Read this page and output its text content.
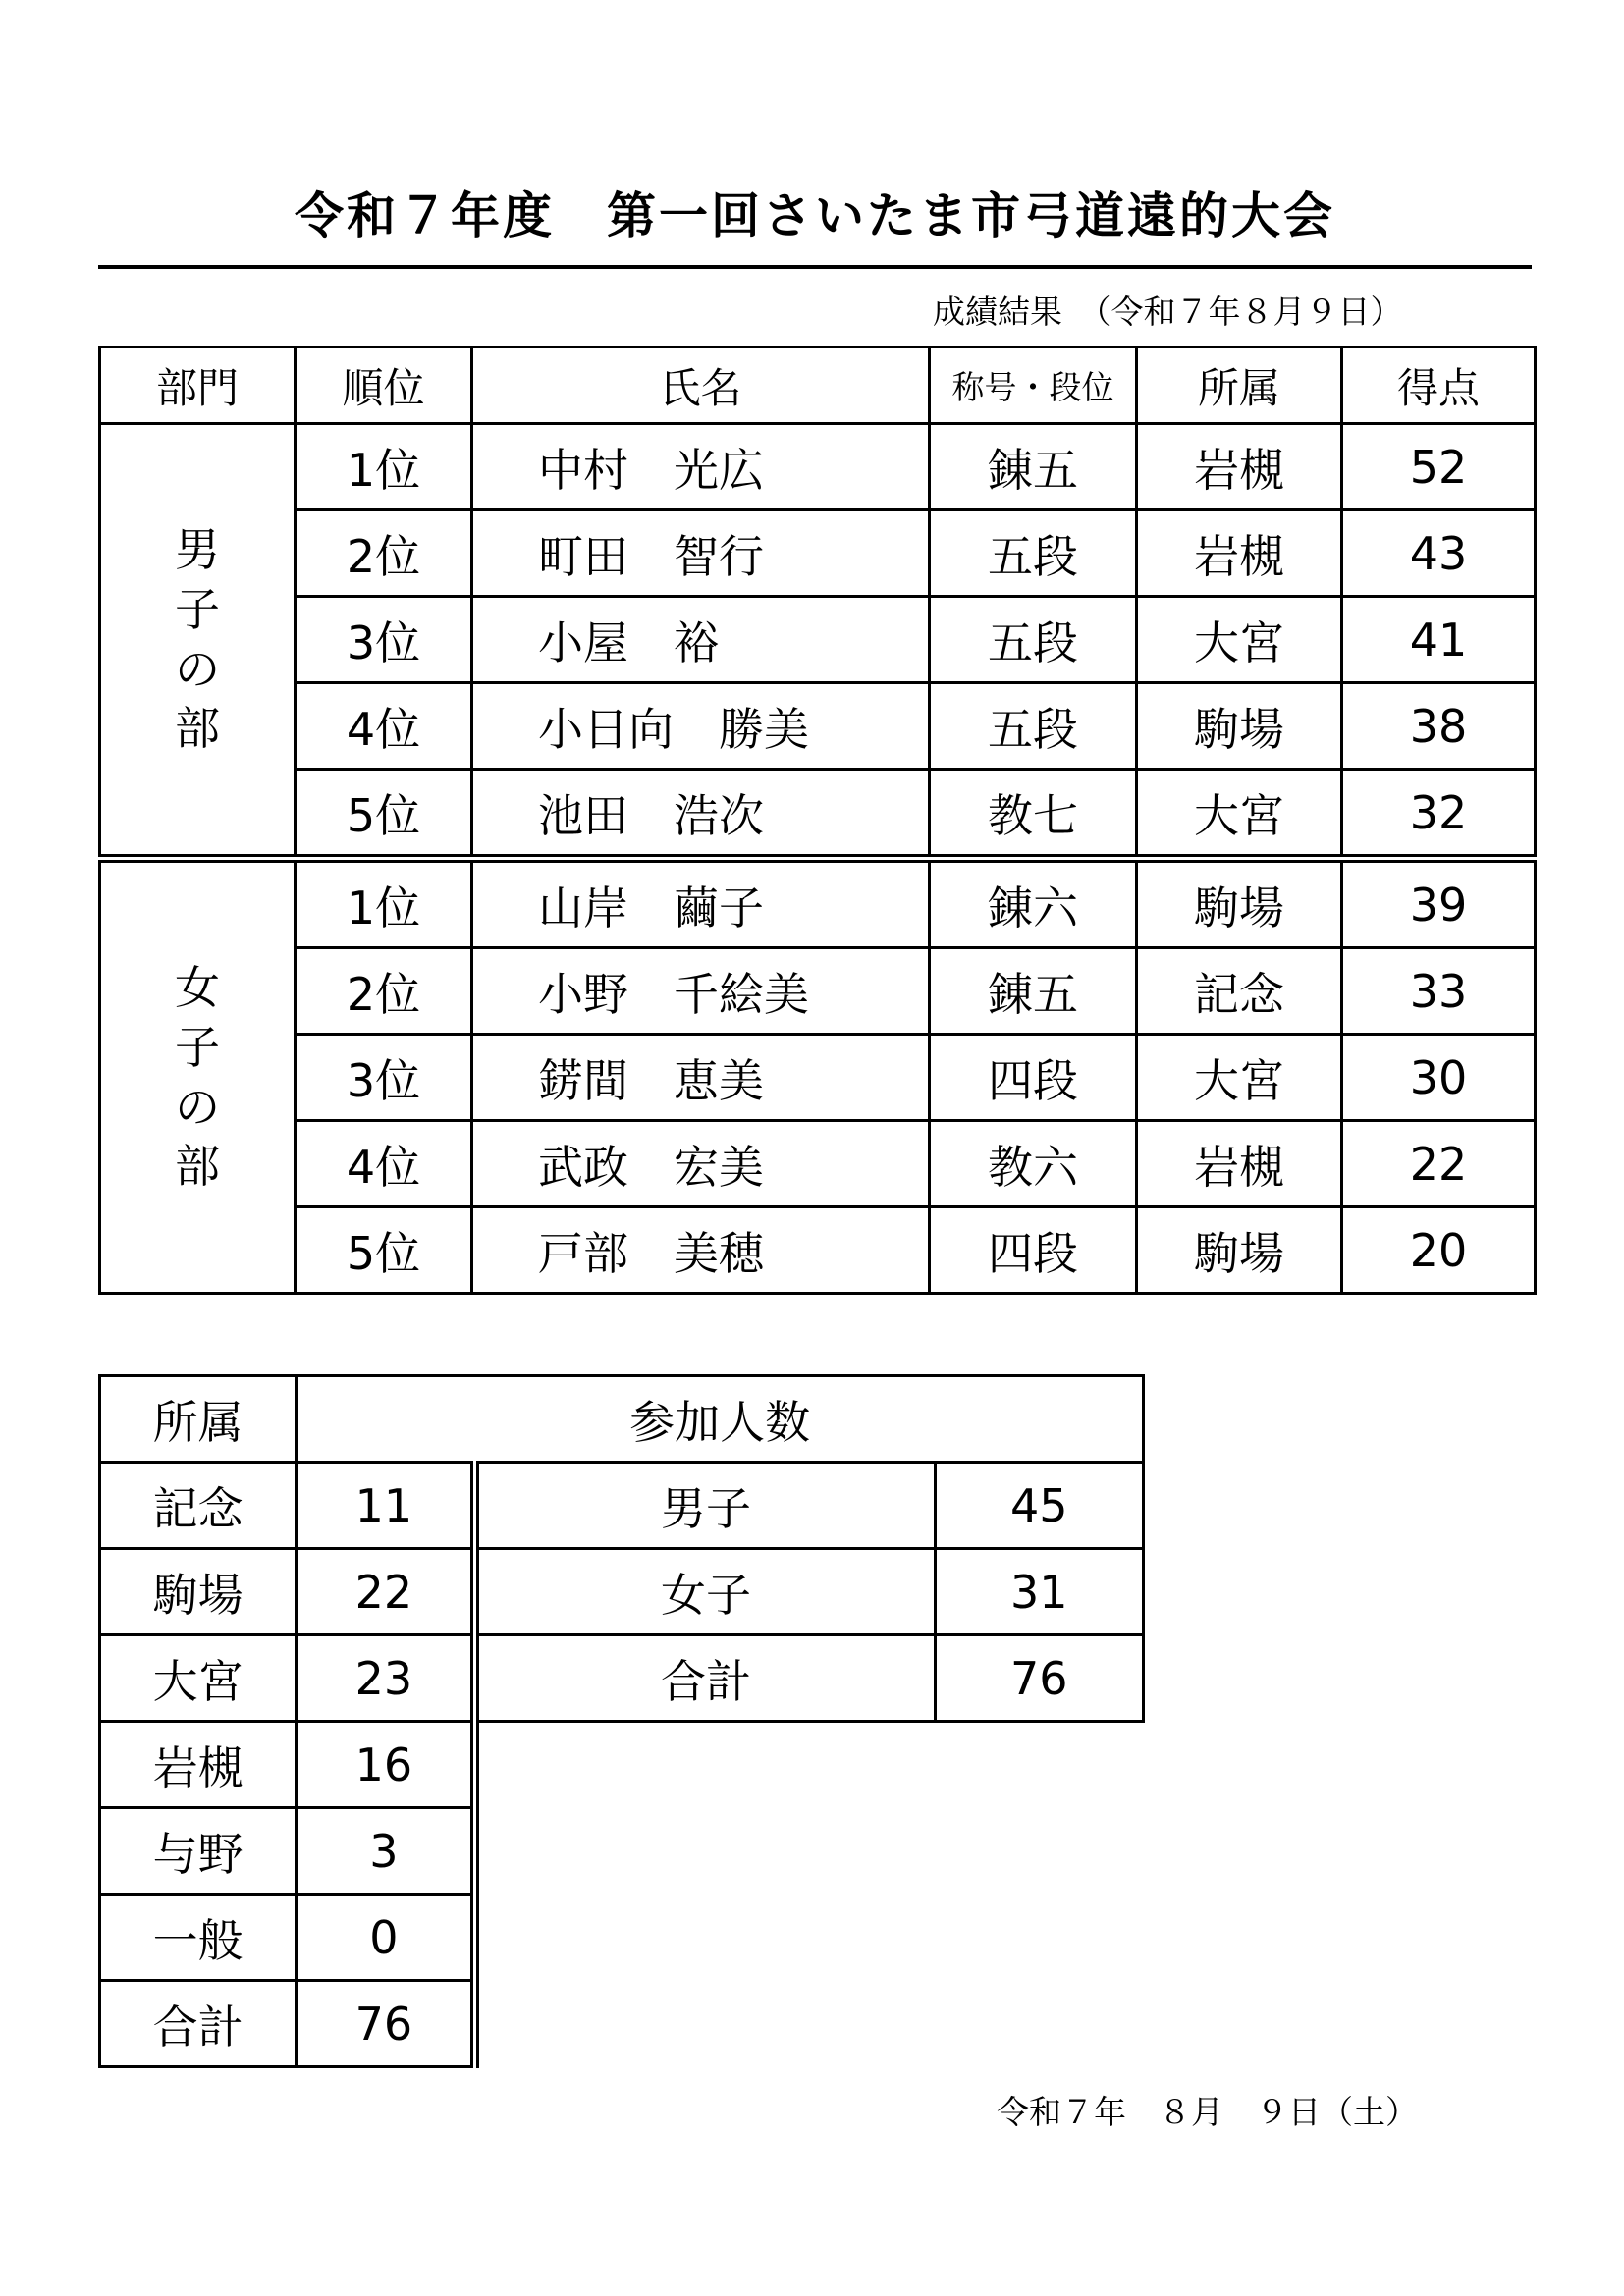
令和７年度　第一回さいたま市弓道遠的大会
成績結果　（令和７年８月９日）
部門	順位	氏名	称号・段位	所属	得点

男
子
の
部	1位	中村　光広	錬五	岩槻	52
	2位	町田　智行	五段	岩槻	43
	3位	小屋　裕	五段	大宮	41
	4位	小日向　勝美	五段	駒場	38
	5位	池田　浩次	教七	大宮	32

女
子
の
部	1位	山岸　繭子	錬六	駒場	39
	2位	小野　千絵美	錬五	記念	33
	3位	錺間　恵美	四段	大宮	30
	4位	武政　宏美	教六	岩槻	22
	5位	戸部　美穂	四段	駒場	20
所属	参加人数		
記念	11	男子	45
駒場	22	女子	31
大宮	23	合計	76
岩槻	16		
与野	3		
一般	0		
合計	76		
令和７年　８月　９日（土）
